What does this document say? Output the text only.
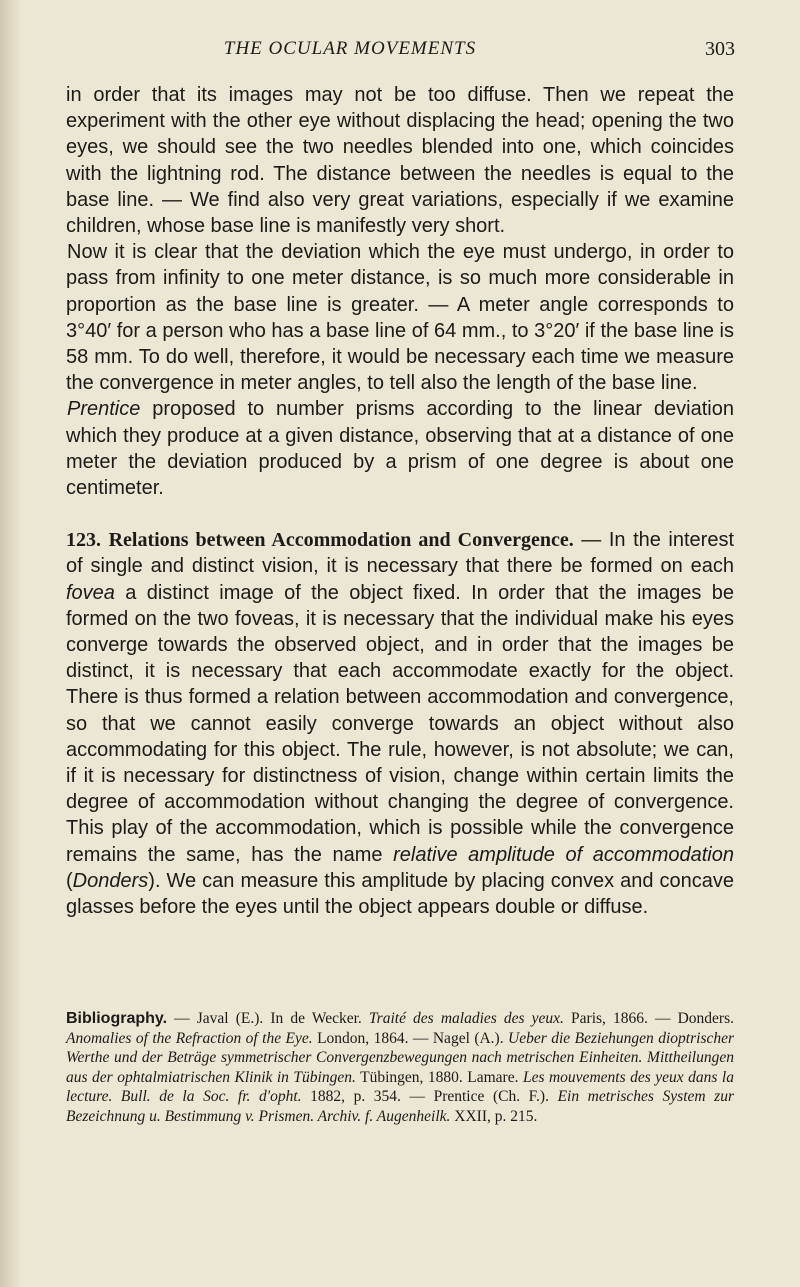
THE OCULAR MOVEMENTS	303

in order that its images may not be too diffuse. Then we repeat the experiment with the other eye without displacing the head; opening the two eyes, we should see the two needles blended into one, which coincides with the lightning rod. The distance between the needles is equal to the base line. — We find also very great variations, especially if we examine children, whose base line is manifestly very short.

Now it is clear that the deviation which the eye must undergo, in order to pass from infinity to one meter distance, is so much more considerable in proportion as the base line is greater. — A meter angle corresponds to 3°40′ for a person who has a base line of 64 mm., to 3°20′ if the base line is 58 mm. To do well, therefore, it would be necessary each time we measure the convergence in meter angles, to tell also the length of the base line.

Prentice proposed to number prisms according to the linear deviation which they produce at a given distance, observing that at a distance of one meter the deviation produced by a prism of one degree is about one centimeter.

123. Relations between Accommodation and Convergence. — In the interest of single and distinct vision, it is necessary that there be formed on each fovea a distinct image of the object fixed. In order that the images be formed on the two foveas, it is necessary that the individual make his eyes converge towards the observed object, and in order that the images be distinct, it is necessary that each accommodate exactly for the object. There is thus formed a relation between accommodation and convergence, so that we cannot easily converge towards an object without also accommodating for this object. The rule, however, is not absolute; we can, if it is necessary for distinctness of vision, change within certain limits the degree of accommodation without changing the degree of convergence. This play of the accommodation, which is possible while the convergence remains the same, has the name relative amplitude of accommodation (Donders). We can measure this amplitude by placing convex and concave glasses before the eyes until the object appears double or diffuse.

Bibliography. — Javal (E.). In de Wecker. Traité des maladies des yeux. Paris, 1866. — Donders. Anomalies of the Refraction of the Eye. London, 1864. — Nagel (A.). Ueber die Beziehungen dioptrischer Werthe und der Beträge symmetrischer Convergenzbewegungen nach metrischen Einheiten. Mittheilungen aus der ophtalmiatrischen Klinik in Tübingen. Tübingen, 1880. Lamare. Les mouvements des yeux dans la lecture. Bull. de la Soc. fr. d'opht. 1882, p. 354. — Prentice (Ch. F.). Ein metrisches System zur Bezeichnung u. Bestimmung v. Prismen. Archiv. f. Augenheilk. XXII, p. 215.
